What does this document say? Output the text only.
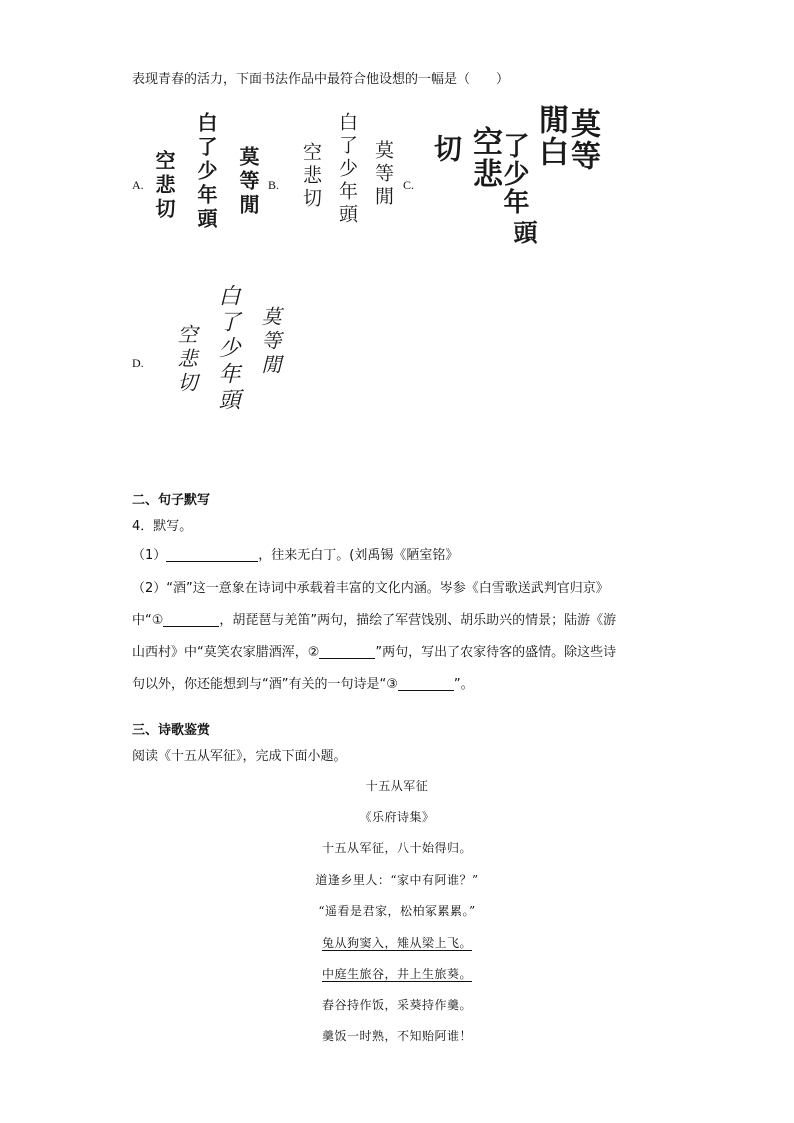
表现青春的活力，下面书法作品中最符合他设想的一幅是（　　）
A.	莫等閒
白了少年頭
空悲切	B.	莫等閒
白了少年頭
空悲切	C.
莫等
閒白
了少年
頭
空悲
切
D.	莫等閒
白了少年頭
空悲切
二、句子默写
4．默写。
（1）	，往来无白丁。(刘禹锡《陋室铭》
（2）“酒”这一意象在诗词中承载着丰富的文化内涵。岑参《白雪歌送武判官归京》
中“①	，胡琵琶与羌笛”两句，描绘了军营饯别、胡乐助兴的情景；陆游《游
山西村》中“莫笑农家腊酒浑，②	”两句，写出了农家待客的盛情。除这些诗
句以外，你还能想到与“酒”有关的一句诗是“③	”。
三、诗歌鉴赏
阅读《十五从军征》，完成下面小题。
十五从军征
《乐府诗集》
十五从军征，八十始得归。
道逢乡里人：“家中有阿谁？”
“遥看是君家，松柏冢累累。”
兔从狗窦入，雉从梁上飞。
中庭生旅谷，井上生旅葵。
舂谷持作饭，采葵持作羹。
羹饭一时熟，不知贻阿谁！
